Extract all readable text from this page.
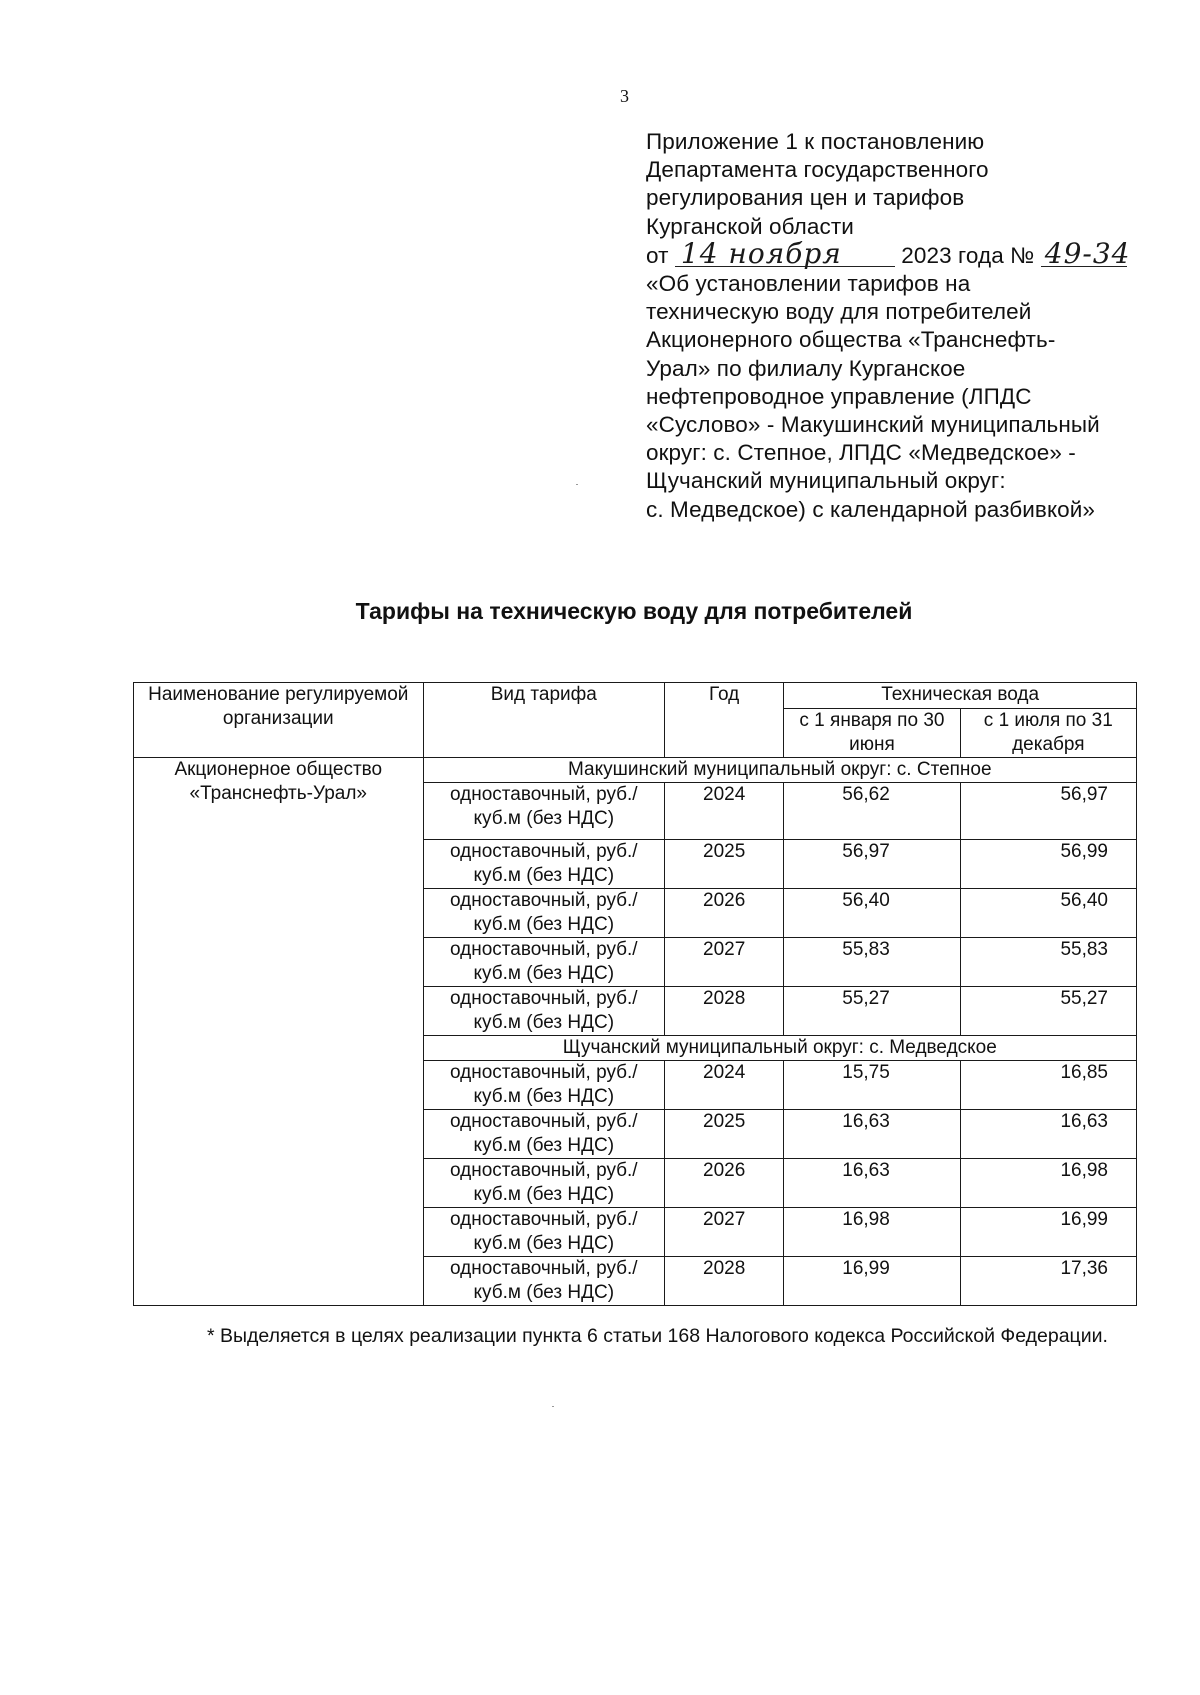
3
Приложение 1 к постановлению
Департамента государственного
регулирования цен и тарифов
Курганской области
от 14 ноября	2023 года № 49-34
«Об установлении тарифов на
техническую воду для потребителей
Акционерного общества «Транснефть-
Урал» по филиалу Курганское
нефтепроводное управление (ЛПДС
«Суслово» - Макушинский муниципальный
округ: с. Степное, ЛПДС «Медведское» -
Щучанский муниципальный округ:
с. Медведское) с календарной разбивкой»
Тарифы на техническую воду для потребителей
Наименование регулируемой организации	Вид тарифа	Год	Техническая вода	
			с 1 января по 30 июня	с 1 июля по 31 декабря
Акционерное общество «Транснефть-Урал»	Макушинский муниципальный округ: с. Степное			
	одноставочный, руб./куб.м (без НДС)	2024	56,62	56,97
	одноставочный, руб./куб.м (без НДС)	2025	56,97	56,99
	одноставочный, руб./куб.м (без НДС)	2026	56,40	56,40
	одноставочный, руб./куб.м (без НДС)	2027	55,83	55,83
	одноставочный, руб./куб.м (без НДС)	2028	55,27	55,27
	Щучанский муниципальный округ: с. Медведское			
	одноставочный, руб./куб.м (без НДС)	2024	15,75	16,85
	одноставочный, руб./куб.м (без НДС)	2025	16,63	16,63
	одноставочный, руб./куб.м (без НДС)	2026	16,63	16,98
	одноставочный, руб./куб.м (без НДС)	2027	16,98	16,99
	одноставочный, руб./куб.м (без НДС)	2028	16,99	17,36
* Выделяется в целях реализации пункта 6 статьи 168 Налогового кодекса Российской Федерации.
